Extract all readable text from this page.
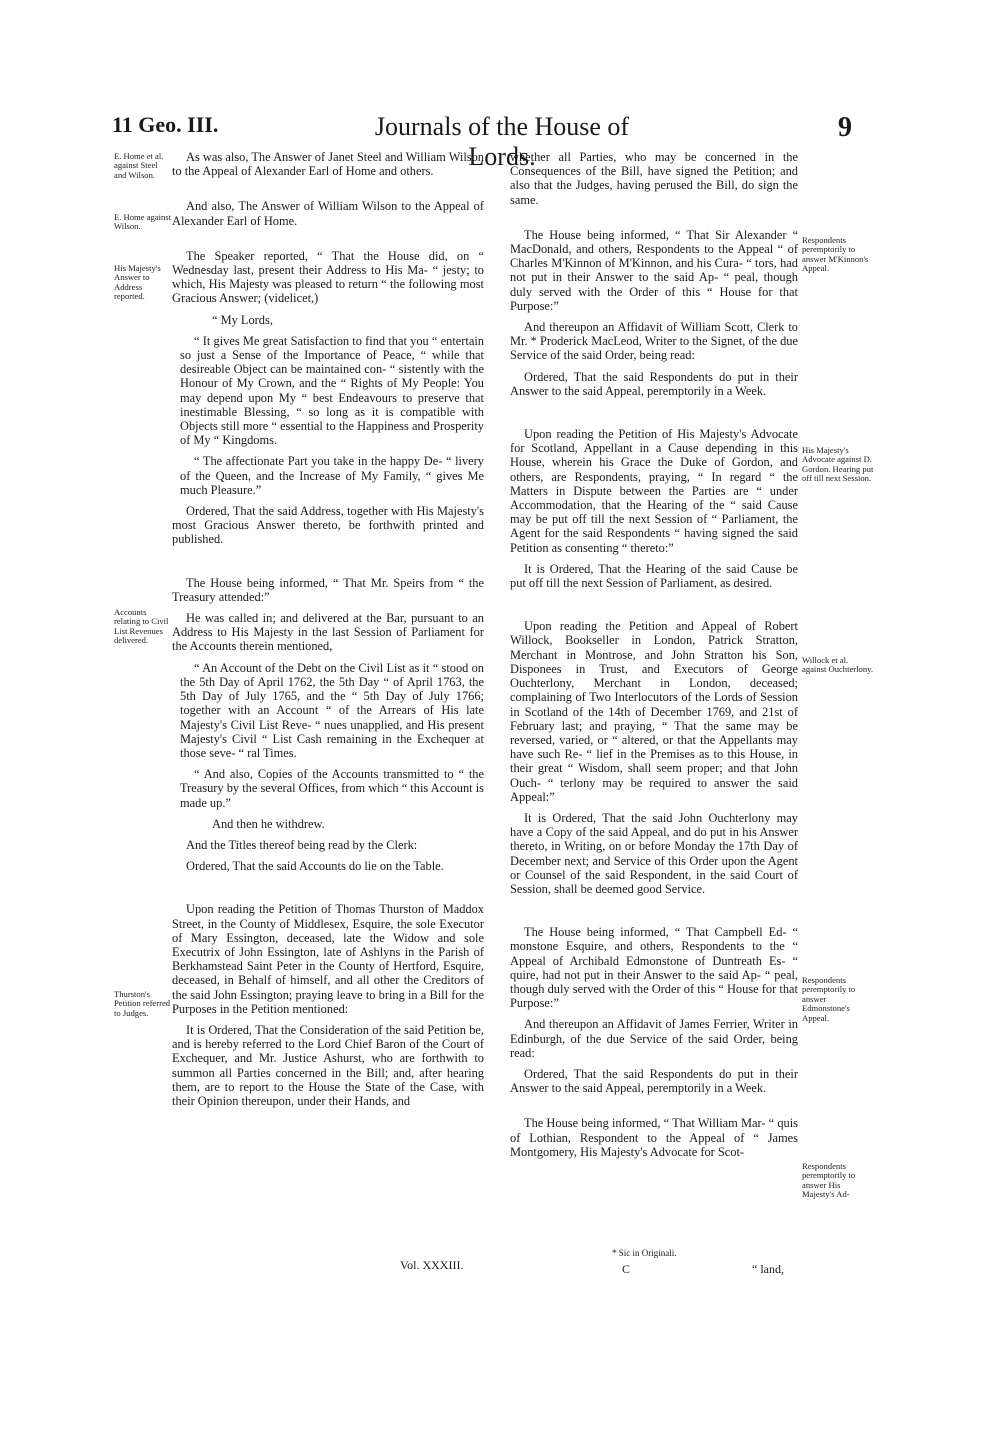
11 Geo. III.	Journals of the House of Lords.
9
E. Home et al. against Steel and Wilson.
E. Home against Wilson.
His Majesty's Answer to Address reported.
Accounts relating to Civil List Revenues delivered.
Thurston's Petition referred to Judges.
Respondents peremptorily to answer M'Kinnon's Appeal.
His Majesty's Advocate against D. Gordon. Hearing put off till next Session.
Willock et al. against Ouchterlony.
Respondents peremptorily to answer Edmonstone's Appeal.
Respondents peremptorily to answer His Majesty's Ad-

As was also, The Answer of Janet Steel and William Wilson to the Appeal of Alexander Earl of Home and others.

And also, The Answer of William Wilson to the Appeal of Alexander Earl of Home.

The Speaker reported, “ That the House did, on “ Wednesday last, present their Address to His Ma- “ jesty; to which, His Majesty was pleased to return “ the following most Gracious Answer; (videlicet,)

“ My Lords,

“ It gives Me great Satisfaction to find that you “ entertain so just a Sense of the Importance of Peace, “ while that desireable Object can be maintained con- “ sistently with the Honour of My Crown, and the “ Rights of My People: You may depend upon My “ best Endeavours to preserve that inestimable Blessing, “ so long as it is compatible with Objects still more “ essential to the Happiness and Prosperity of My “ Kingdoms.

“ The affectionate Part you take in the happy De- “ livery of the Queen, and the Increase of My Family, “ gives Me much Pleasure.”

Ordered, That the said Address, together with His Majesty's most Gracious Answer thereto, be forthwith printed and published.

The House being informed, “ That Mr. Speirs from “ the Treasury attended:”

He was called in; and delivered at the Bar, pursuant to an Address to His Majesty in the last Session of Parliament for the Accounts therein mentioned,

“ An Account of the Debt on the Civil List as it “ stood on the 5th Day of April 1762, the 5th Day “ of April 1763, the 5th Day of July 1765, and the “ 5th Day of July 1766; together with an Account “ of the Arrears of His late Majesty's Civil List Reve- “ nues unapplied, and His present Majesty's Civil “ List Cash remaining in the Exchequer at those seve- “ ral Times.

“ And also, Copies of the Accounts transmitted to “ the Treasury by the several Offices, from which “ this Account is made up.”

And then he withdrew.

And the Titles thereof being read by the Clerk:

Ordered, That the said Accounts do lie on the Table.

Upon reading the Petition of Thomas Thurston of Maddox Street, in the County of Middlesex, Esquire, the sole Executor of Mary Essington, deceased, late the Widow and sole Executrix of John Essington, late of Ashlyns in the Parish of Berkhamstead Saint Peter in the County of Hertford, Esquire, deceased, in Behalf of himself, and all other the Creditors of the said John Essington; praying leave to bring in a Bill for the Purposes in the Petition mentioned:

It is Ordered, That the Consideration of the said Petition be, and is hereby referred to the Lord Chief Baron of the Court of Exchequer, and Mr. Justice Ashurst, who are forthwith to summon all Parties concerned in the Bill; and, after hearing them, are to report to the House the State of the Case, with their Opinion thereupon, under their Hands, and

whether all Parties, who may be concerned in the Consequences of the Bill, have signed the Petition; and also that the Judges, having perused the Bill, do sign the same.

The House being informed, “ That Sir Alexander “ MacDonald, and others, Respondents to the Appeal “ of Charles M'Kinnon of M'Kinnon, and his Cura- “ tors, had not put in their Answer to the said Ap- “ peal, though duly served with the Order of this “ House for that Purpose:”

And thereupon an Affidavit of William Scott, Clerk to Mr. * Proderick MacLeod, Writer to the Signet, of the due Service of the said Order, being read:

Ordered, That the said Respondents do put in their Answer to the said Appeal, peremptorily in a Week.

Upon reading the Petition of His Majesty's Advocate for Scotland, Appellant in a Cause depending in this House, wherein his Grace the Duke of Gordon, and others, are Respondents, praying, “ In regard “ the Matters in Dispute between the Parties are “ under Accommodation, that the Hearing of the “ said Cause may be put off till the next Session of “ Parliament, the Agent for the said Respondents “ having signed the said Petition as consenting “ thereto:”

It is Ordered, That the Hearing of the said Cause be put off till the next Session of Parliament, as desired.

Upon reading the Petition and Appeal of Robert Willock, Bookseller in London, Patrick Stratton, Merchant in Montrose, and John Stratton his Son, Disponees in Trust, and Executors of George Ouchterlony, Merchant in London, deceased; complaining of Two Interlocutors of the Lords of Session in Scotland of the 14th of December 1769, and 21st of February last; and praying, “ That the same may be reversed, varied, or “ altered, or that the Appellants may have such Re- “ lief in the Premises as to this House, in their great “ Wisdom, shall seem proper; and that John Ouch- “ terlony may be required to answer the said Appeal:”

It is Ordered, That the said John Ouchterlony may have a Copy of the said Appeal, and do put in his Answer thereto, in Writing, on or before Monday the 17th Day of December next; and Service of this Order upon the Agent or Counsel of the said Respondent, in the said Court of Session, shall be deemed good Service.

The House being informed, “ That Campbell Ed- “ monstone Esquire, and others, Respondents to the “ Appeal of Archibald Edmonstone of Duntreath Es- “ quire, had not put in their Answer to the said Ap- “ peal, though duly served with the Order of this “ House for that Purpose:”

And thereupon an Affidavit of James Ferrier, Writer in Edinburgh, of the due Service of the said Order, being read:

Ordered, That the said Respondents do put in their Answer to the said Appeal, peremptorily in a Week.

The House being informed, “ That William Mar- “ quis of Lothian, Respondent to the Appeal of “ James Montgomery, His Majesty's Advocate for Scot-

Vol. XXXIII.
* Sic in Originali.
C	“ land,
